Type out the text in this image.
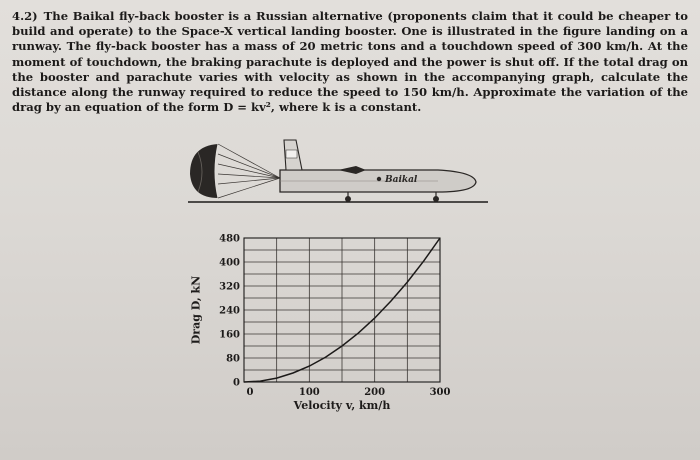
4.2) The Baikal fly-back booster is a Russian alternative (proponents claim that it could be cheaper to build and operate) to the Space-X vertical landing booster. One is illustrated in the figure landing on a runway. The fly-back booster has a mass of 20 metric tons and a touchdown speed of 300 km/h. At the moment of touchdown, the braking parachute is deployed and the power is shut off. If the total drag on the booster and parachute varies with velocity as shown in the accompanying graph, calculate the distance along the runway required to reduce the speed to 150 km/h. Approximate the variation of the drag by an equation of the form D = kv², where k is a constant.

Baikal
Drag D, kN
Velocity v, km/h
0
80
160
240
320
400
480
0	100	200	300
